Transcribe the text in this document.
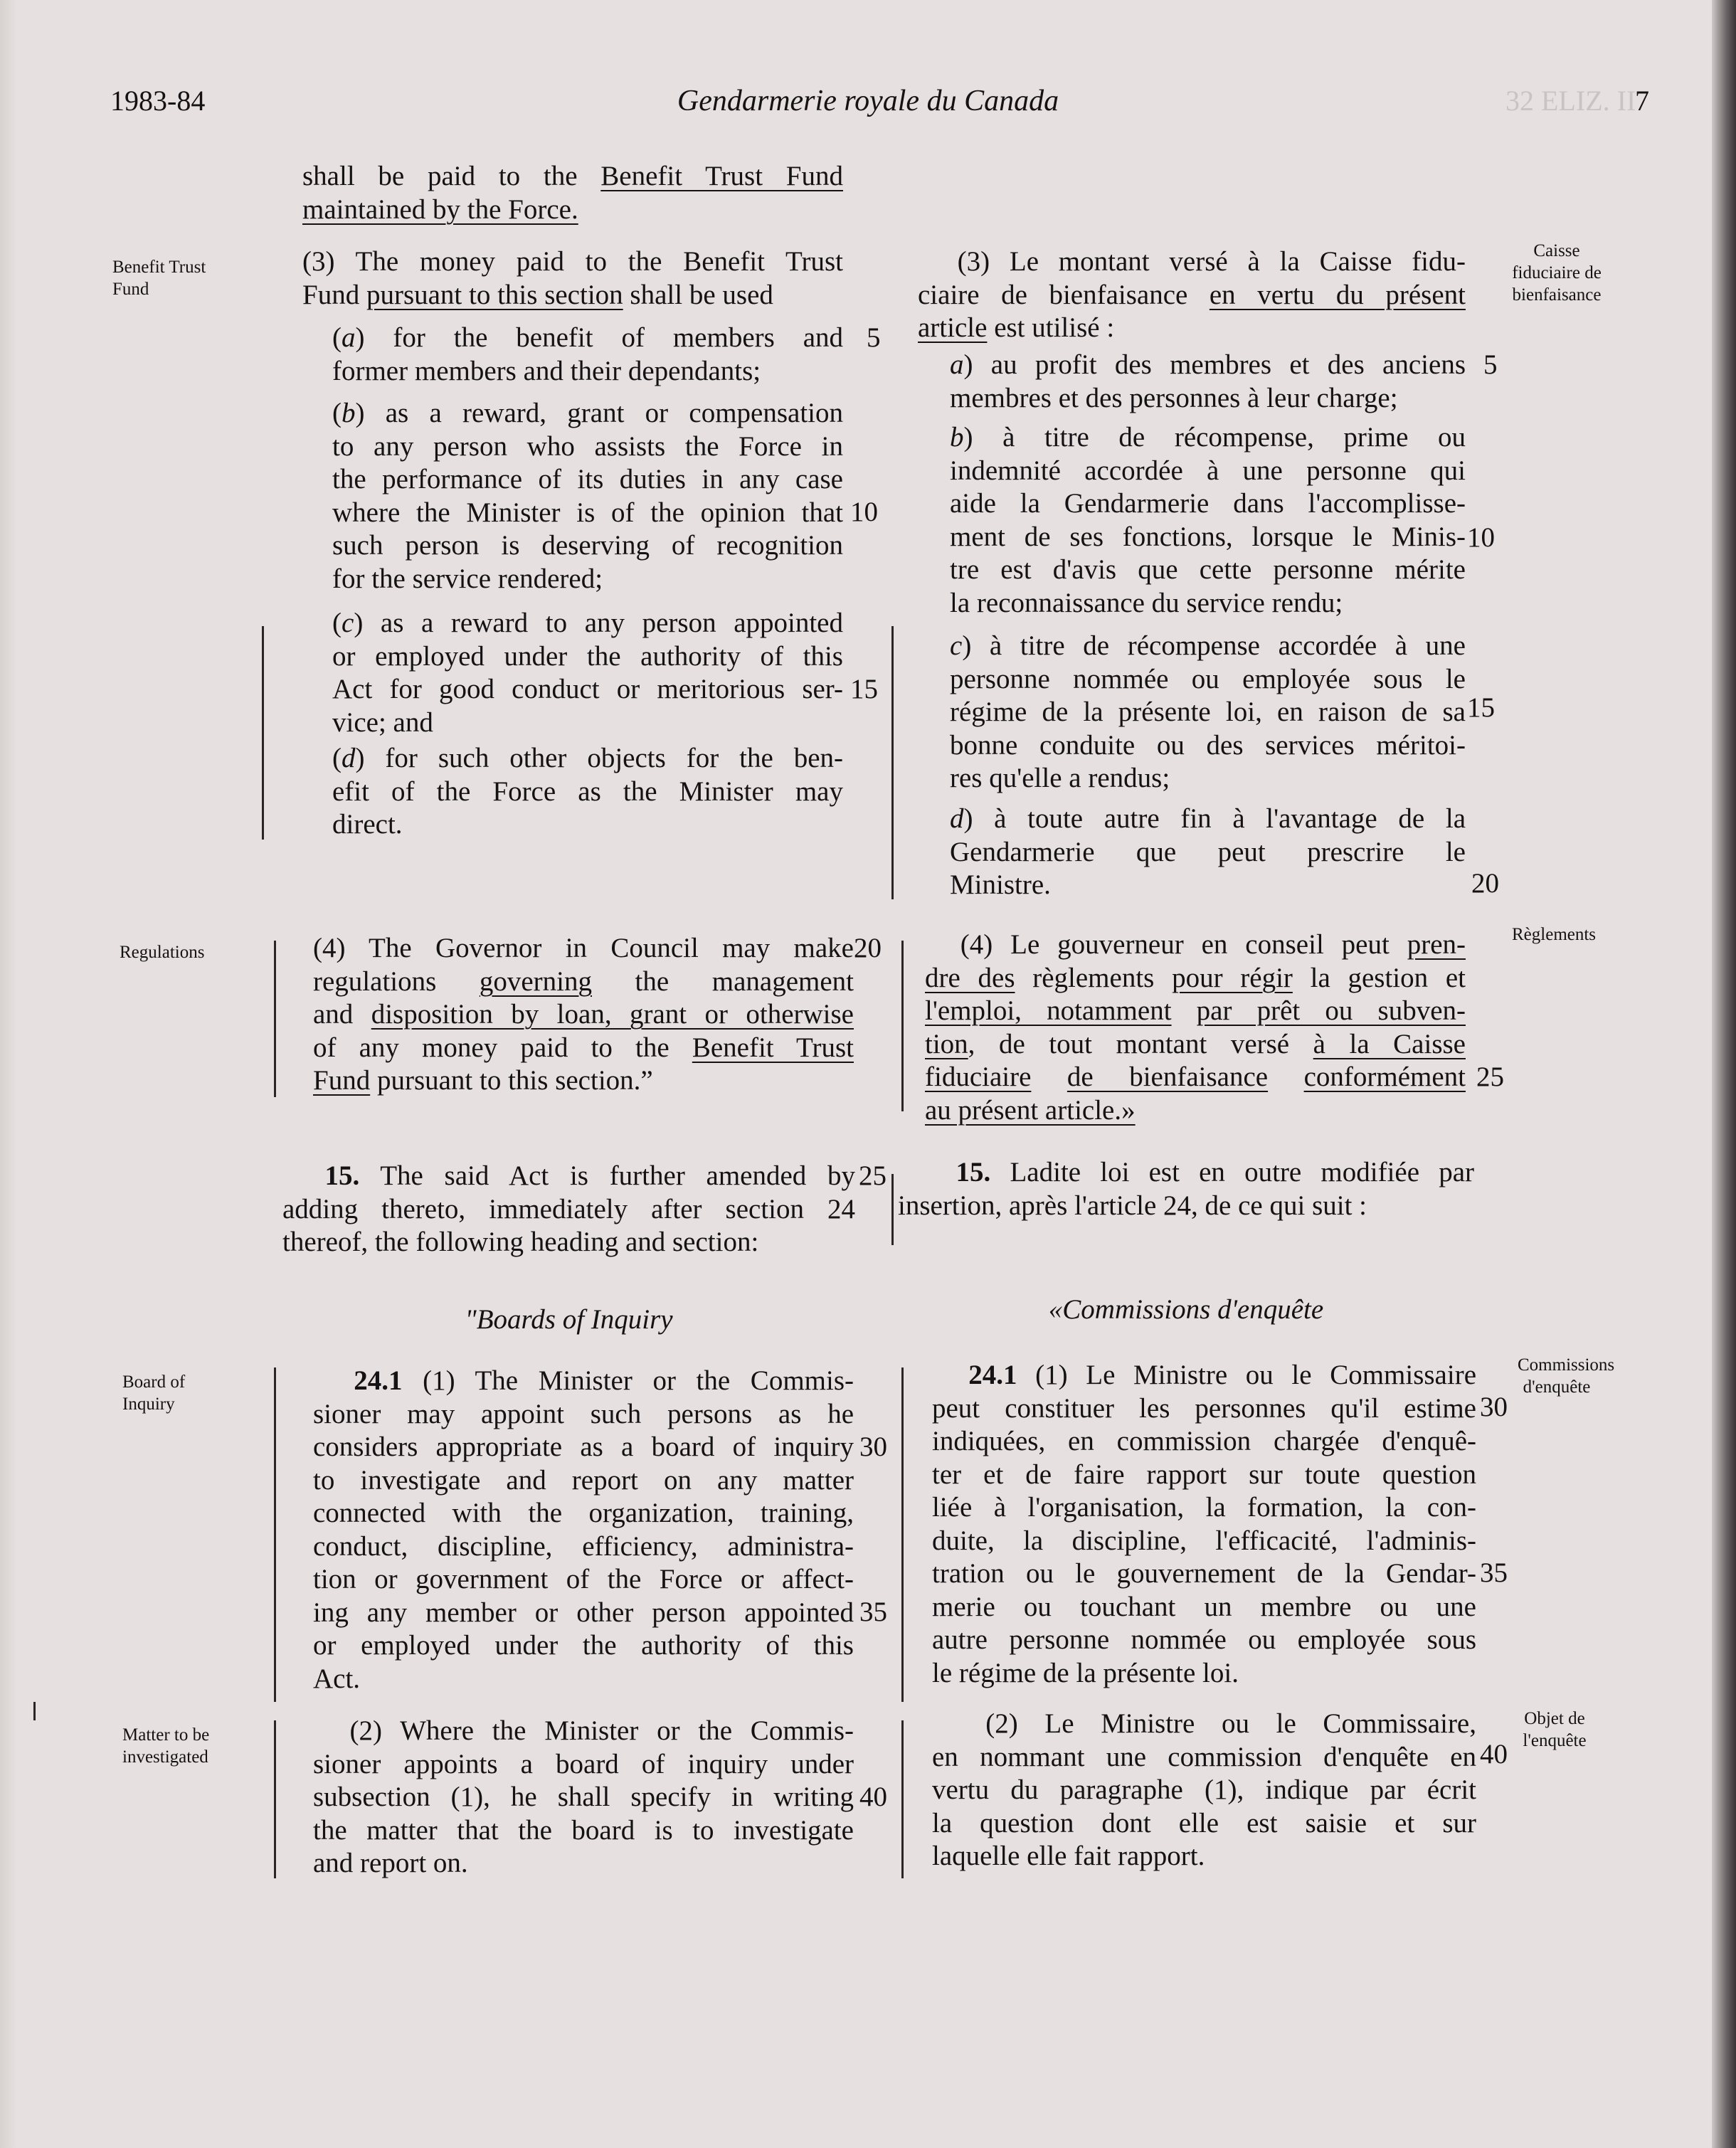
1983-84	Gendarmerie royale du Canada	7
32 ELIZ. II
Benefit Trust
Fund
Regulations
Board of
Inquiry
Matter to be
investigated
Caisse
fiduciaire de
bienfaisance
Règlements
Commissions
d'enquête
Objet de
l'enquête
shall be paid to the Benefit Trust Fund
maintained by the Force.
(3) The money paid to the Benefit Trust
Fund pursuant to this section shall be used
(a) for the benefit of members and
former members and their dependants;
(b) as a reward, grant or compensation
to any person who assists the Force in
the performance of its duties in any case
where the Minister is of the opinion that
such person is deserving of recognition
for the service rendered;
(c) as a reward to any person appointed
or employed under the authority of this
Act for good conduct or meritorious ser-
vice; and
(d) for such other objects for the ben-
efit of the Force as the Minister may
direct.
(4) The Governor in Council may make
regulations governing the management
and disposition by loan, grant or otherwise
of any money paid to the Benefit Trust
Fund pursuant to this section.”
15. The said Act is further amended by
adding thereto, immediately after section 24
thereof, the following heading and section:
"Boards of Inquiry
24.1 (1) The Minister or the Commis-
sioner may appoint such persons as he
considers appropriate as a board of inquiry
to investigate and report on any matter
connected with the organization, training,
conduct, discipline, efficiency, administra-
tion or government of the Force or affect-
ing any member or other person appointed
or employed under the authority of this
Act.
(2) Where the Minister or the Commis-
sioner appoints a board of inquiry under
subsection (1), he shall specify in writing
the matter that the board is to investigate
and report on.
(3) Le montant versé à la Caisse fidu-
ciaire de bienfaisance en vertu du présent
article est utilisé :
a) au profit des membres et des anciens
membres et des personnes à leur charge;
b) à titre de récompense, prime ou
indemnité accordée à une personne qui
aide la Gendarmerie dans l'accomplisse-
ment de ses fonctions, lorsque le Minis-
tre est d'avis que cette personne mérite
la reconnaissance du service rendu;
c) à titre de récompense accordée à une
personne nommée ou employée sous le
régime de la présente loi, en raison de sa
bonne conduite ou des services méritoi-
res qu'elle a rendus;
d) à toute autre fin à l'avantage de la
Gendarmerie que peut prescrire le
Ministre.
(4) Le gouverneur en conseil peut pren-
dre des règlements pour régir la gestion et
l'emploi, notamment par prêt ou subven-
tion, de tout montant versé à la Caisse
fiduciaire de bienfaisance conformément
au présent article.»
15. Ladite loi est en outre modifiée par
insertion, après l'article 24, de ce qui suit :
«Commissions d'enquête
24.1 (1) Le Ministre ou le Commissaire
peut constituer les personnes qu'il estime
indiquées, en commission chargée d'enquê-
ter et de faire rapport sur toute question
liée à l'organisation, la formation, la con-
duite, la discipline, l'efficacité, l'adminis-
tration ou le gouvernement de la Gendar-
merie ou touchant un membre ou une
autre personne nommée ou employée sous
le régime de la présente loi.
(2) Le Ministre ou le Commissaire,
en nommant une commission d'enquête en
vertu du paragraphe (1), indique par écrit
la question dont elle est saisie et sur
laquelle elle fait rapport.
5
10
15
20
25
30
35
40
5
10
15
20
25
30
35
40
